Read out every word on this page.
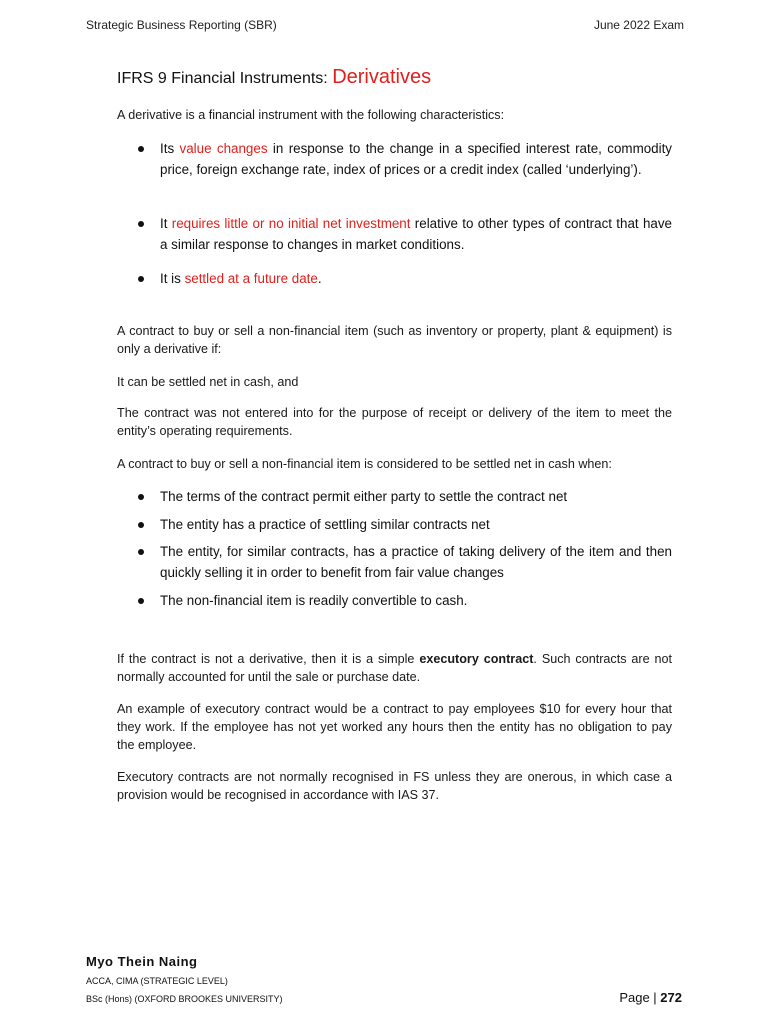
Strategic Business Reporting (SBR)	June 2022 Exam
IFRS 9 Financial Instruments: Derivatives
A derivative is a financial instrument with the following characteristics:
Its value changes in response to the change in a specified interest rate, commodity price, foreign exchange rate, index of prices or a credit index (called ‘underlying’).
It requires little or no initial net investment relative to other types of contract that have a similar response to changes in market conditions.
It is settled at a future date.
A contract to buy or sell a non-financial item (such as inventory or property, plant & equipment) is only a derivative if:
It can be settled net in cash, and
The contract was not entered into for the purpose of receipt or delivery of the item to meet the entity’s operating requirements.
A contract to buy or sell a non-financial item is considered to be settled net in cash when:
The terms of the contract permit either party to settle the contract net
The entity has a practice of settling similar contracts net
The entity, for similar contracts, has a practice of taking delivery of the item and then quickly selling it in order to benefit from fair value changes
The non-financial item is readily convertible to cash.
If the contract is not a derivative, then it is a simple executory contract. Such contracts are not normally accounted for until the sale or purchase date.
An example of executory contract would be a contract to pay employees $10 for every hour that they work. If the employee has not yet worked any hours then the entity has no obligation to pay the employee.
Executory contracts are not normally recognised in FS unless they are onerous, in which case a provision would be recognised in accordance with IAS 37.
Myo Thein Naing
ACCA, CIMA (STRATEGIC LEVEL)
BSc (Hons) (OXFORD BROOKES UNIVERSITY)	Page | 272
